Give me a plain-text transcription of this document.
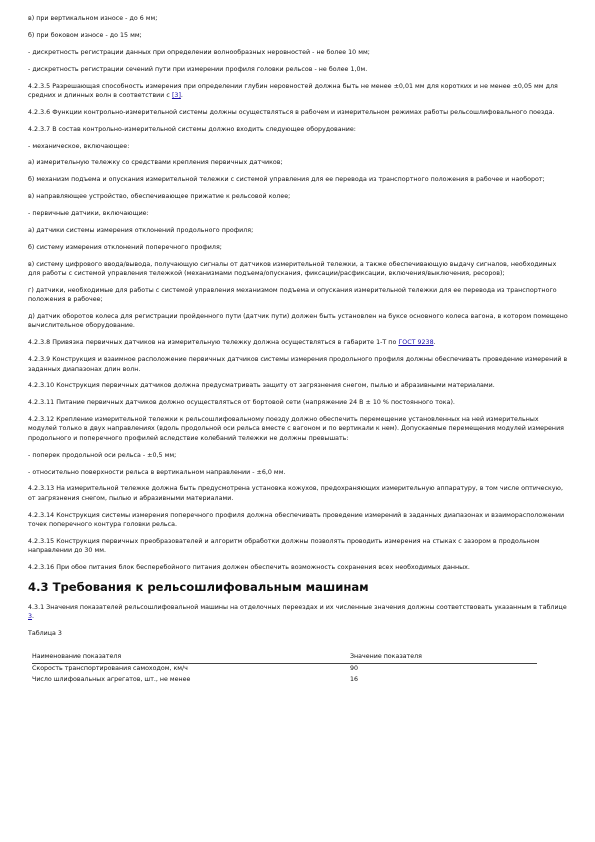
в) при вертикальном износе - до 6 мм;

б) при боковом износе - до 15 мм;

- дискретность регистрации данных при определении волнообразных неровностей - не более 10 мм;

- дискретность регистрации сечений пути при измерении профиля головки рельсов - не более 1,0м.

4.2.3.5 Разрешающая способность измерения при определении глубин неровностей должна быть не менее ±0,01 мм для коротких и не менее ±0,05 мм для средних и длинных волн в соответствии с [3].

4.2.3.6 Функции контрольно-измерительной системы должны осуществляться в рабочем и измерительном режимах работы рельсошлифовального поезда.

4.2.3.7 В состав контрольно-измерительной системы должно входить следующее оборудование:

- механическое, включающее:

а) измерительную тележку со средствами крепления первичных датчиков;

б) механизм подъема и опускания измерительной тележки с системой управления для ее перевода из транспортного положения в рабочее и наоборот;

в) направляющее устройство, обеспечивающее прижатие к рельсовой колее;

- первичные датчики, включающие:

а) датчики системы измерения отклонений продольного профиля;

б) систему измерения отклонений поперечного профиля;

в) систему цифрового ввода/вывода, получающую сигналы от датчиков измерительной тележки, а также обеспечивающую выдачу сигналов, необходимых для работы с системой управления тележкой (механизмами подъема/опускания, фиксации/расфиксации, включения/выключения, ресоров);

г) датчики, необходимые для работы с системой управления механизмом подъема и опускания измерительной тележки для ее перевода из транспортного положения в рабочее;

д) датчик оборотов колеса для регистрации пройденного пути (датчик пути) должен быть установлен на буксе основного колеса вагона, в котором помещено вычислительное оборудование.

4.2.3.8 Привязка первичных датчиков на измерительную тележку должна осуществляться в габарите 1-Т по ГОСТ 9238.

4.2.3.9 Конструкция и взаимное расположение первичных датчиков системы измерения продольного профиля должны обеспечивать проведение измерений в заданных диапазонах длин волн.

4.2.3.10 Конструкция первичных датчиков должна предусматривать защиту от загрязнения снегом, пылью и абразивными материалами.

4.2.3.11 Питание первичных датчиков должно осуществляться от бортовой сети (напряжение 24 В ± 10 % постоянного тока).

4.2.3.12 Крепление измерительной тележки к рельсошлифовальному поезду должно обеспечить перемещение установленных на ней измерительных модулей только в двух направлениях (вдоль продольной оси рельса вместе с вагоном и по вертикали к нем). Допускаемые перемещения модулей измерения продольного и поперечного профилей вследствие колебаний тележки не должны превышать:

- поперек продольной оси рельса - ±0,5 мм;

- относительно поверхности рельса в вертикальном направлении - ±6,0 мм.

4.2.3.13 На измерительной тележке должна быть предусмотрена установка кожухов, предохраняющих измерительную аппаратуру, в том числе оптическую, от загрязнения снегом, пылью и абразивными материалами.

4.2.3.14 Конструкция системы измерения поперечного профиля должна обеспечивать проведение измерений в заданных диапазонах и взаиморасположении точек поперечного контура головки рельса.

4.2.3.15 Конструкция первичных преобразователей и алгоритм обработки должны позволять проводить измерения на стыках с зазором в продольном направлении до 30 мм.

4.2.3.16 При обое питания блок бесперебойного питания должен обеспечить возможность сохранения всех необходимых данных.

4.3 Требования к рельсошлифовальным машинам

4.3.1 Значения показателей рельсошлифовальной машины на отделочных переездах и их численные значения должны соответствовать указанным в таблице 3.

Таблица 3

Наименование показателя	Значение показателя
Скорость транспортирования самоходом, км/ч	90
Число шлифовальных агрегатов, шт., не менее	16
